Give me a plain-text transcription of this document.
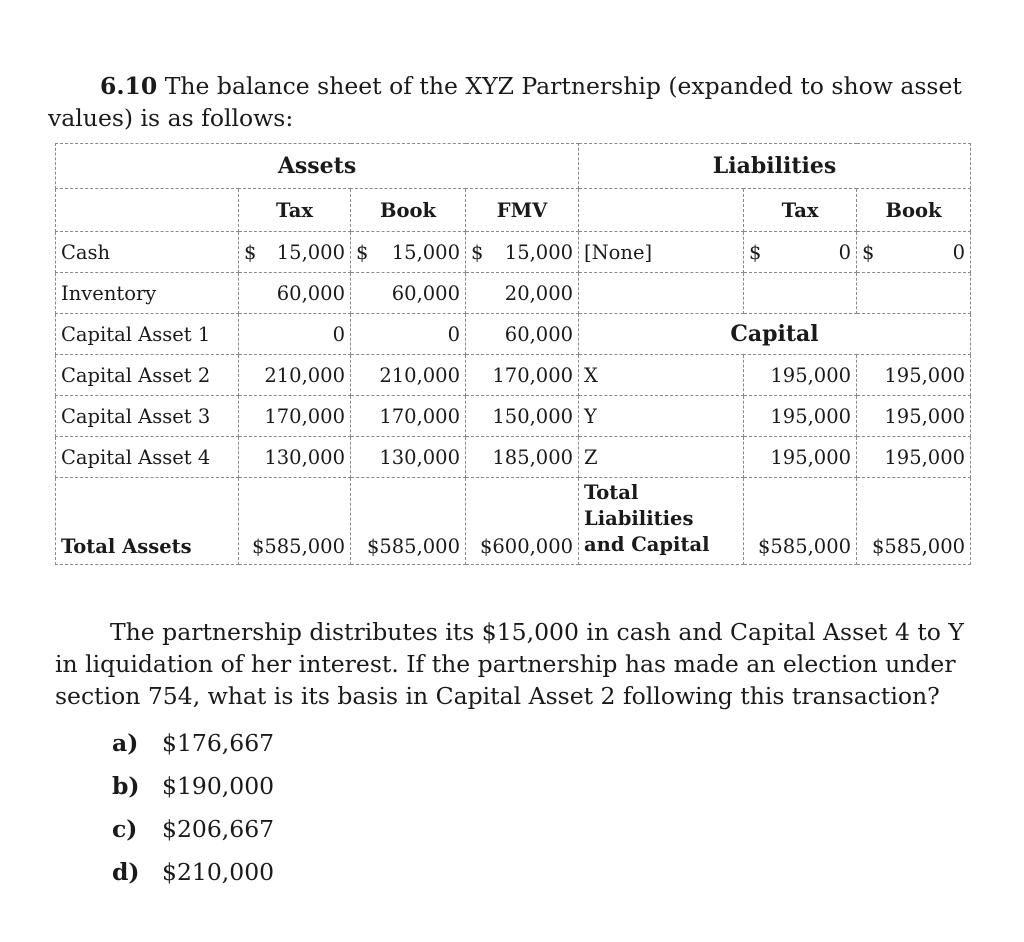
6.10 The balance sheet of the XYZ Partnership (expanded to show asset values) is as follows:
Assets				Liabilities		
	Tax	Book	FMV		Tax	Book
Cash	$ 15,000	$ 15,000	$ 15,000	[None]	$ 0	$ 0

Inventory	60,000	60,000	20,000			
Capital Asset 1	0	0	60,000	Capital		
Capital Asset 2	210,000	210,000	170,000	X	195,000	195,000
Capital Asset 3	170,000	170,000	150,000	Y	195,000	195,000
Capital Asset 4	130,000	130,000	185,000	Z	195,000	195,000
Total Assets	$585,000	$585,000	$600,000	Total
Liabilities
and Capital	$585,000	$585,000
The partnership distributes its $15,000 in cash and Capital Asset 4 to Y in liquidation of her interest. If the partnership has made an election under section 754, what is its basis in Capital Asset 2 following this transaction?
a)	$176,667
b) $190,000
c)	$206,667
d) $210,000
